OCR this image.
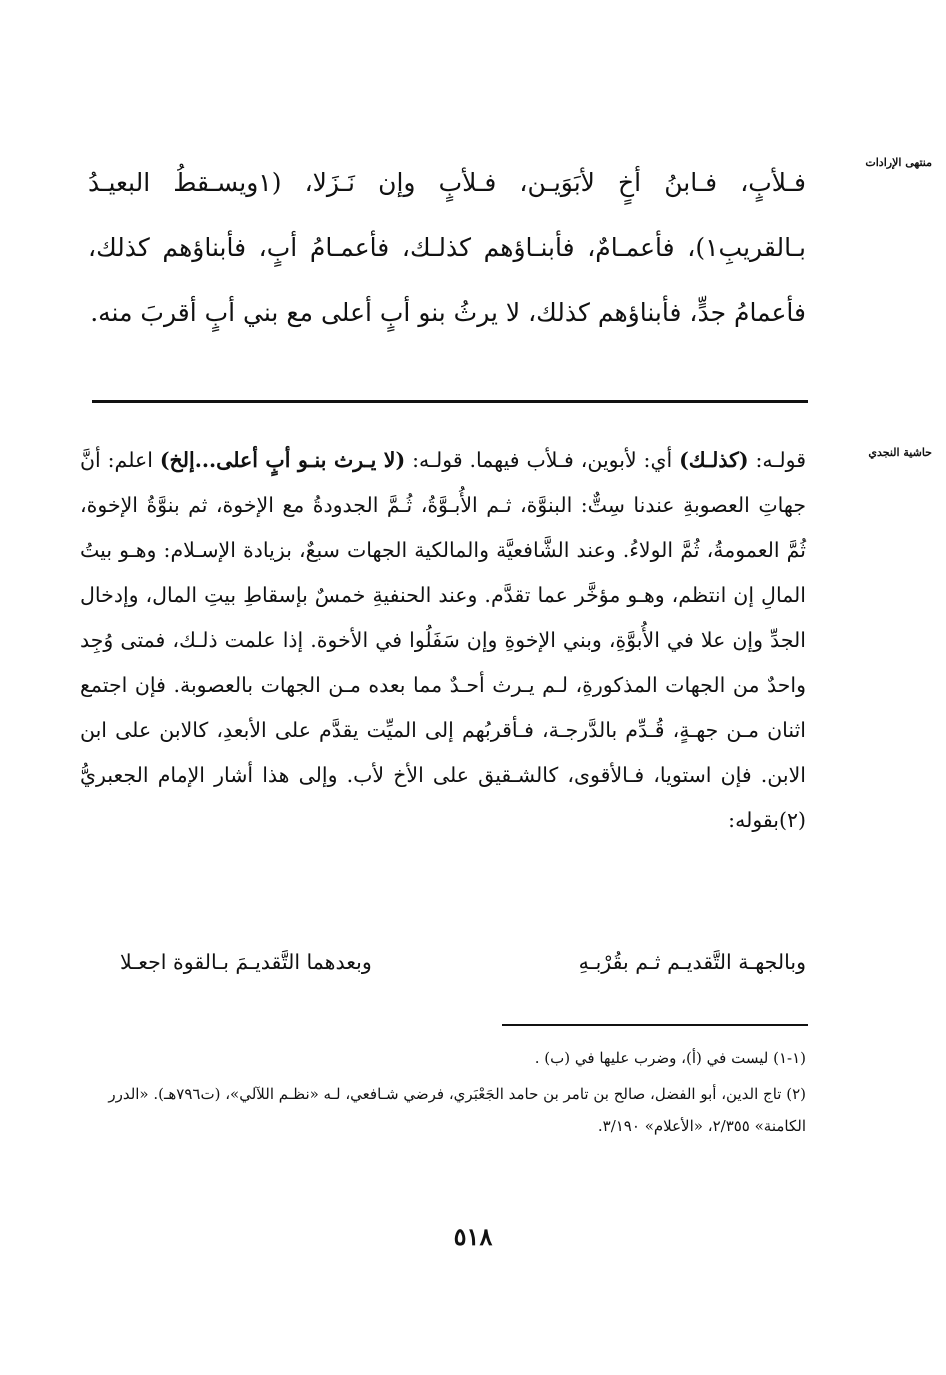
منتهى الإرادات

فـلأبٍ، فـابنُ أخٍ لأبَوَيـن، فـلأبٍ وإن نَـزَلا، (١ويسـقطُ البعيـدُ بـالقريبِ١)، فأعمـامٌ، فأبنـاؤهم كذلـك، فأعمـامُ أبٍ، فأبناؤهم كذلك، فأعمامُ جدٍّ، فأبناؤهم كذلك، لا يرثُ بنو أبٍ أعلى مع بني أبٍ أقربَ منه.

حاشية النجدي

قولـه: (كذلـك) أي: لأبوين، فـلأب فيهما. قولـه: (لا يـرث بنـو أبٍ أعلى...إلخ) اعلم: أنَّ جهاتِ العصوبةِ عندنا سِتٌّ: البنوَّة، ثـم الأُبـوَّةُ، ثُـمَّ الجدودةُ مع الإخوة، ثم بنوَّةُ الإخوة، ثُمَّ العمومةُ، ثُمَّ الولاءُ. وعند الشَّافعيَّة والمالكية الجهات سبعٌ، بزيادة الإسـلام: وهـو بيتُ المالِ إن انتظم، وهـو مؤخَّر عما تقدَّم. وعند الحنفيةِ خمسٌ بإسقاطِ بيتِ المال، وإدخال الجدِّ وإن علا في الأُبوَّةِ، وبني الإخوةِ وإن سَفَلُوا في الأخوة. إذا علمت ذلـك، فمتى وُجِد واحدٌ من الجهات المذكورةِ، لـم يـرث أحـدٌ مما بعده مـن الجهات بالعصوبة. فإن اجتمع اثنان مـن جهـةٍ، قُـدِّم بالدَّرجـة، فـأقربُهم إلى الميِّت يقدَّم على الأبعدِ، كالابن على ابن الابن. فإن استويا، فـالأقوى، كالشـقيق على الأخ لأب. وإلى هذا أشار الإمام الجعبريُّ (٢)بقوله:

وبالجهـة التَّقديـم ثـم بقُرْبـهِ
وبعدهما التَّقديـمَ بـالقوة اجعـلا

(١-١) ليست في (أ)، وضرب عليها في (ب) .

(٢) تاج الدين، أبو الفضل، صالح بن تامر بن حامد الجَعْبَري، فرضي شـافعي، لـه «نظـم اللآلي»، (ت٧٩٦هـ). «الدرر الكامنة» ٢/٣٥٥، «الأعلام» ٣/١٩٠.

٥١٨
